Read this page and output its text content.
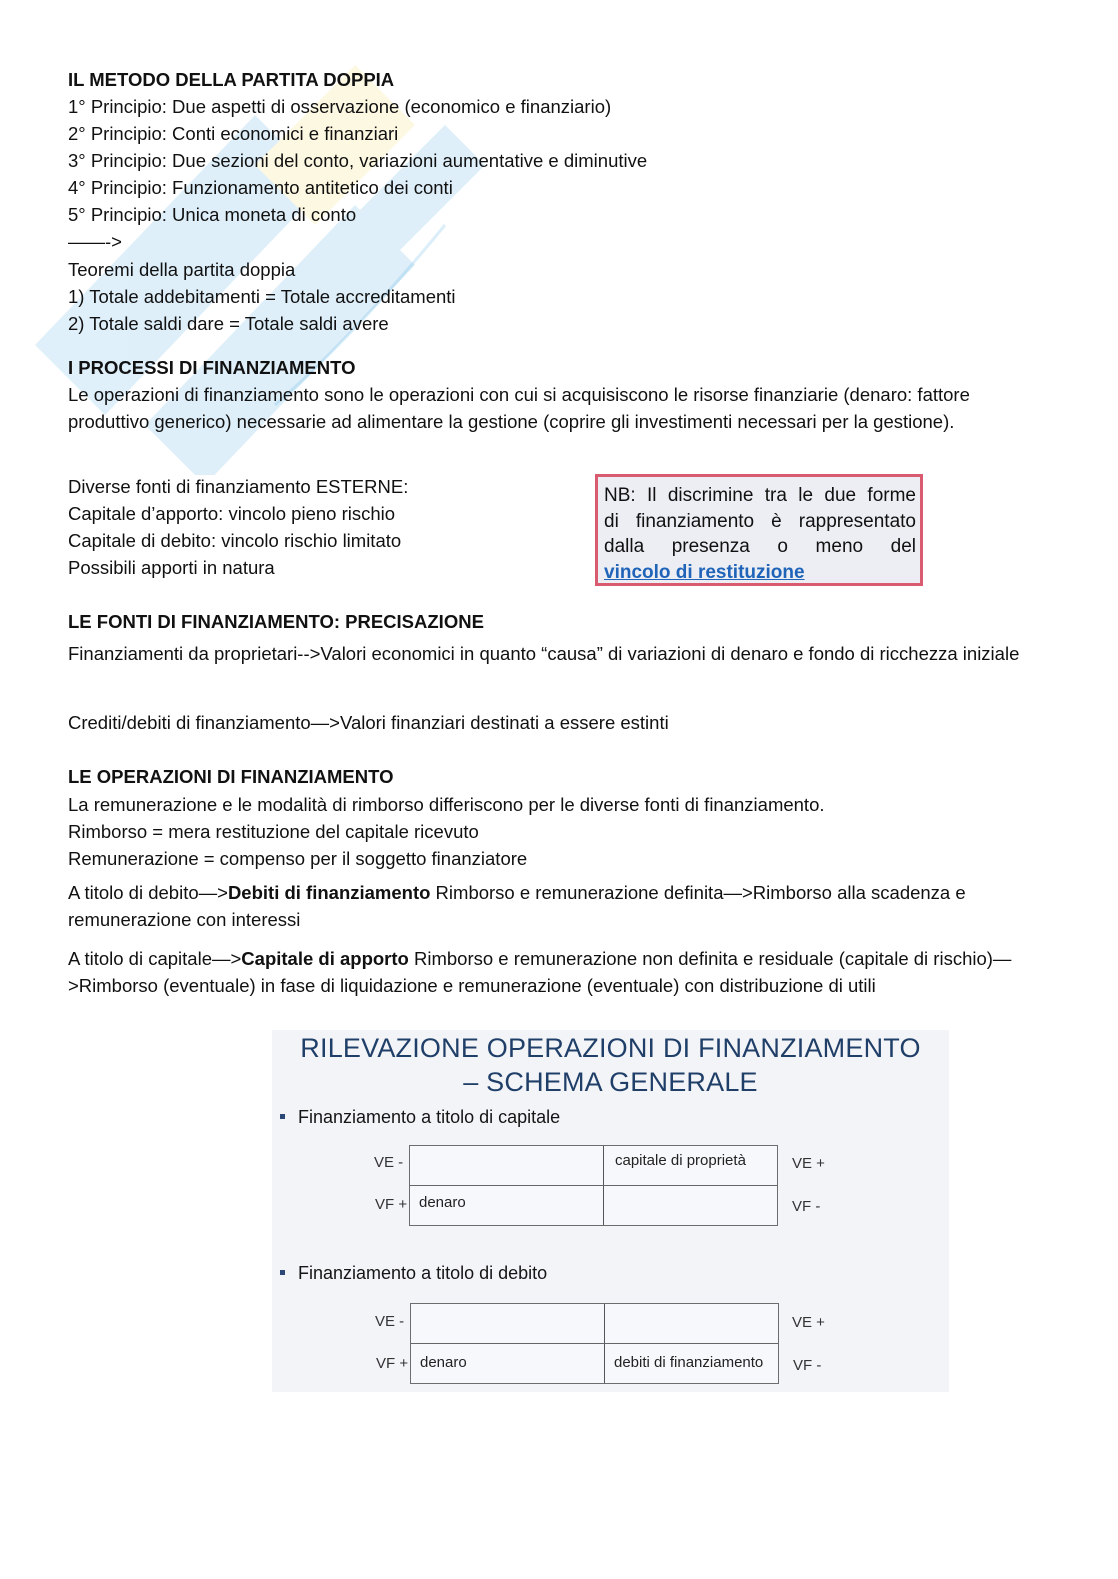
IL METODO DELLA PARTITA DOPPIA
1° Principio: Due aspetti di osservazione (economico e finanziario)
2° Principio: Conti economici e finanziari
3° Principio: Due sezioni del conto, variazioni aumentative e diminutive
4° Principio: Funzionamento antitetico dei conti
5° Principio: Unica moneta di conto
——->
Teoremi della partita doppia
1) Totale addebitamenti = Totale accreditamenti
2) Totale saldi dare = Totale saldi avere
I PROCESSI DI FINANZIAMENTO
Le operazioni di finanziamento sono le operazioni con cui si acquisiscono le risorse finanziarie (denaro: fattore produttivo generico) necessarie ad alimentare la gestione (coprire gli investimenti necessari per la gestione).
Diverse fonti di finanziamento ESTERNE:
Capitale d’apporto: vincolo pieno rischio
Capitale di debito: vincolo rischio limitato
Possibili apporti in natura
LE FONTI DI FINANZIAMENTO: PRECISAZIONE
Finanziamenti da proprietari-->Valori economici in quanto “causa” di variazioni di denaro e fondo di ricchezza iniziale
Crediti/debiti di finanziamento—>Valori finanziari destinati a essere estinti
LE OPERAZIONI DI FINANZIAMENTO
La remunerazione e le modalità di rimborso differiscono per le diverse fonti di finanziamento.
Rimborso = mera restituzione del capitale ricevuto
Remunerazione = compenso per il soggetto finanziatore
A titolo di debito—>Debiti di finanziamento Rimborso e remunerazione definita—>Rimborso alla scadenza e remunerazione con interessi
A titolo di capitale—>Capitale di apporto Rimborso e remunerazione non definita e residuale (capitale di rischio)—>Rimborso (eventuale) in fase di liquidazione e remunerazione (eventuale) con distribuzione di utili
NB: Il discrimine tra le due forme
di finanziamento è rappresentato
dalla presenza o meno del
vincolo di restituzione
RILEVAZIONE OPERAZIONI DI FINANZIAMENTO
– SCHEMA GENERALE
Finanziamento a titolo di capitale
VE -
VF +
capitale di proprietà
denaro
VE +
VF -
Finanziamento a titolo di debito
VE -
VF + denaro	debiti di finanziamento
VE +
VF -
